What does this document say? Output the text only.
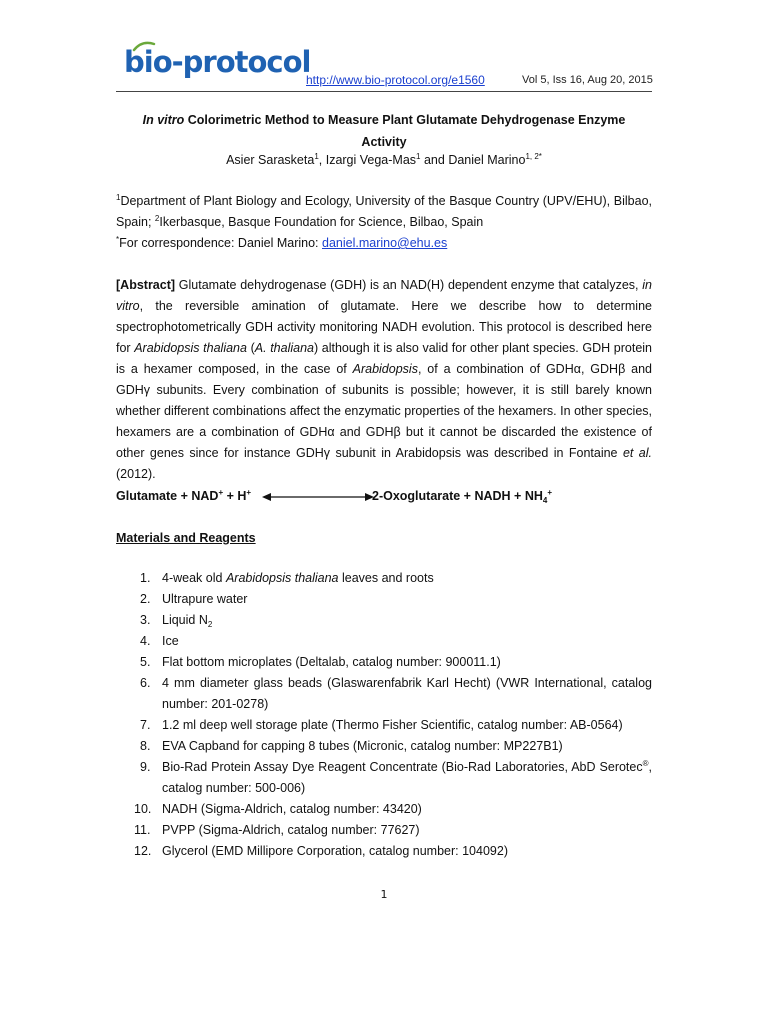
bio-protocol
http://www.bio-protocol.org/e1560	Vol 5, Iss 16, Aug 20, 2015
In vitro Colorimetric Method to Measure Plant Glutamate Dehydrogenase Enzyme
Activity
Asier Sarasketa$^1$, Izargi Vega-Mas$^1$ and Daniel Marino$^{1, 2*}$
$^1$Department of Plant Biology and Ecology, University of the Basque Country (UPV/EHU), Bilbao, Spain; $^2$Ikerbasque, Basque Foundation for Science, Bilbao, Spain
*For correspondence: Daniel Marino: daniel.marino@ehu.es
[Abstract] Glutamate dehydrogenase (GDH) is an NAD(H) dependent enzyme that catalyzes, in vitro, the reversible amination of glutamate. Here we describe how to determine spectrophotometrically GDH activity monitoring NADH evolution. This protocol is described here for Arabidopsis thaliana (A. thaliana) although it is also valid for other plant species. GDH protein is a hexamer composed, in the case of Arabidopsis, of a combination of GDHα, GDHβ and GDHγ subunits. Every combination of subunits is possible; however, it is still barely known whether different combinations affect the enzymatic properties of the hexamers. In other species, hexamers are a combination of GDHα and GDHβ but it cannot be discarded the existence of other genes since for instance GDHγ subunit in Arabidopsis was described in Fontaine et al. (2012).
Glutamate + NAD+ + H+	2-Oxoglutarate + NADH + $NH_4^+$
Materials and Reagents
1. 4-weak old Arabidopsis thaliana leaves and roots
2. Ultrapure water
3. Liquid $N_2$
4. Ice
5. Flat bottom microplates (Deltalab, catalog number: 900011.1)
6. 4 mm diameter glass beads (Glaswarenfabrik Karl Hecht) (VWR International, catalog number: 201-0278)
7. 1.2 ml deep well storage plate (Thermo Fisher Scientific, catalog number: AB-0564)
8. EVA Capband for capping 8 tubes (Micronic, catalog number: MP227B1)
9. Bio-Rad Protein Assay Dye Reagent Concentrate (Bio-Rad Laboratories, AbD Serotec®, catalog number: 500-006)
10. NADH (Sigma-Aldrich, catalog number: 43420)
11. PVPP (Sigma-Aldrich, catalog number: 77627)
12. Glycerol (EMD Millipore Corporation, catalog number: 104092)
1
